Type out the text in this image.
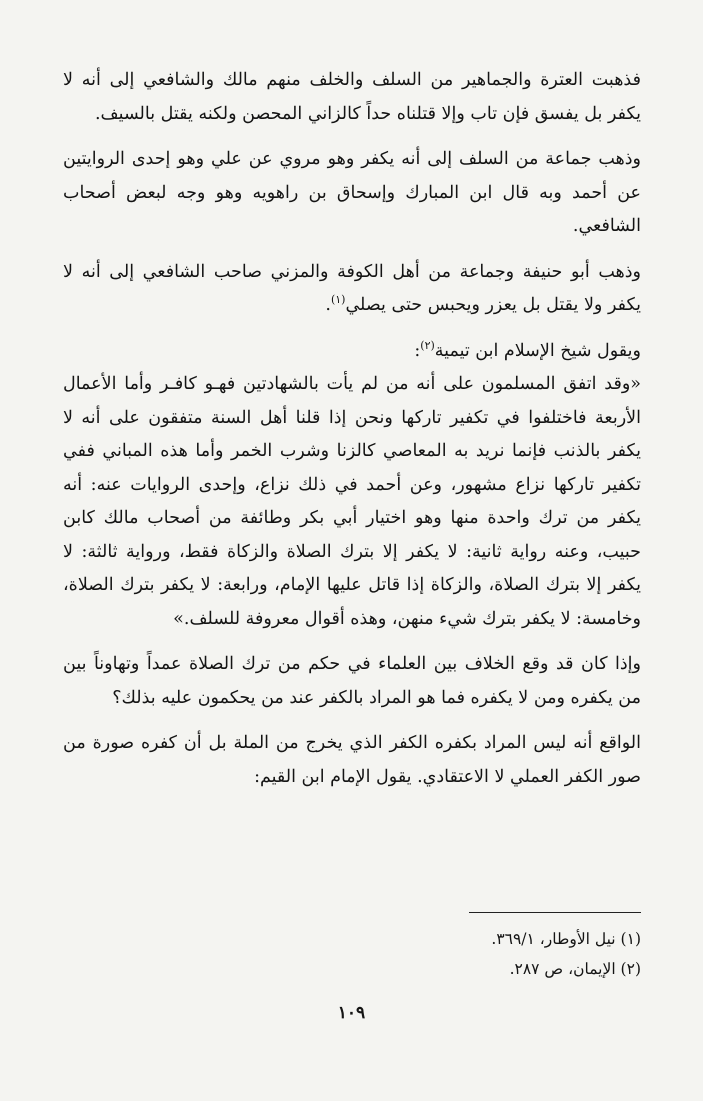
فذهبت العترة والجماهير من السلف والخلف منهم مالك والشافعي إلى أنه لا يكفر بل يفسق فإن تاب وإلا قتلناه حداً كالزاني المحصن ولكنه يقتل بالسيف.

وذهب جماعة من السلف إلى أنه يكفر وهو مروي عن علي وهو إحدى الروايتين عن أحمد وبه قال ابن المبارك وإسحاق بن راهويه وهو وجه لبعض أصحاب الشافعي.

وذهب أبو حنيفة وجماعة من أهل الكوفة والمزني صاحب الشافعي إلى أنه لا يكفر ولا يقتل بل يعزر ويحبس حتى يصلي$^{(١)}$.

ويقول شيخ الإسلام ابن تيمية$^{(٢)}$:

«وقد اتفق المسلمون على أنه من لم يأت بالشهادتين فهـو كافـر وأما الأعمال الأربعة فاختلفوا في تكفير تاركها ونحن إذا قلنا أهل السنة متفقون على أنه لا يكفر بالذنب فإنما نريد به المعاصي كالزنا وشرب الخمر وأما هذه المباني ففي تكفير تاركها نزاع مشهور، وعن أحمد في ذلك نزاع، وإحدى الروايات عنه: أنه يكفر من ترك واحدة منها وهو اختيار أبي بكر وطائفة من أصحاب مالك كابن حبيب، وعنه رواية ثانية: لا يكفر إلا بترك الصلاة والزكاة فقط، ورواية ثالثة: لا يكفر إلا بترك الصلاة، والزكاة إذا قاتل عليها الإمام، ورابعة: لا يكفر بترك الصلاة، وخامسة: لا يكفر بترك شيء منهن، وهذه أقوال معروفة للسلف.»

وإذا كان قد وقع الخلاف بين العلماء في حكم من ترك الصلاة عمداً وتهاوناً بين من يكفره ومن لا يكفره فما هو المراد بالكفر عند من يحكمون عليه بذلك؟

الواقع أنه ليس المراد بكفره الكفر الذي يخرج من الملة بل أن كفره صورة من صور الكفر العملي لا الاعتقادي. يقول الإمام ابن القيم:

(١) نيل الأوطار، ٣٦٩/١.

(٢) الإيمان، ص ٢٨٧.

١٠٩
